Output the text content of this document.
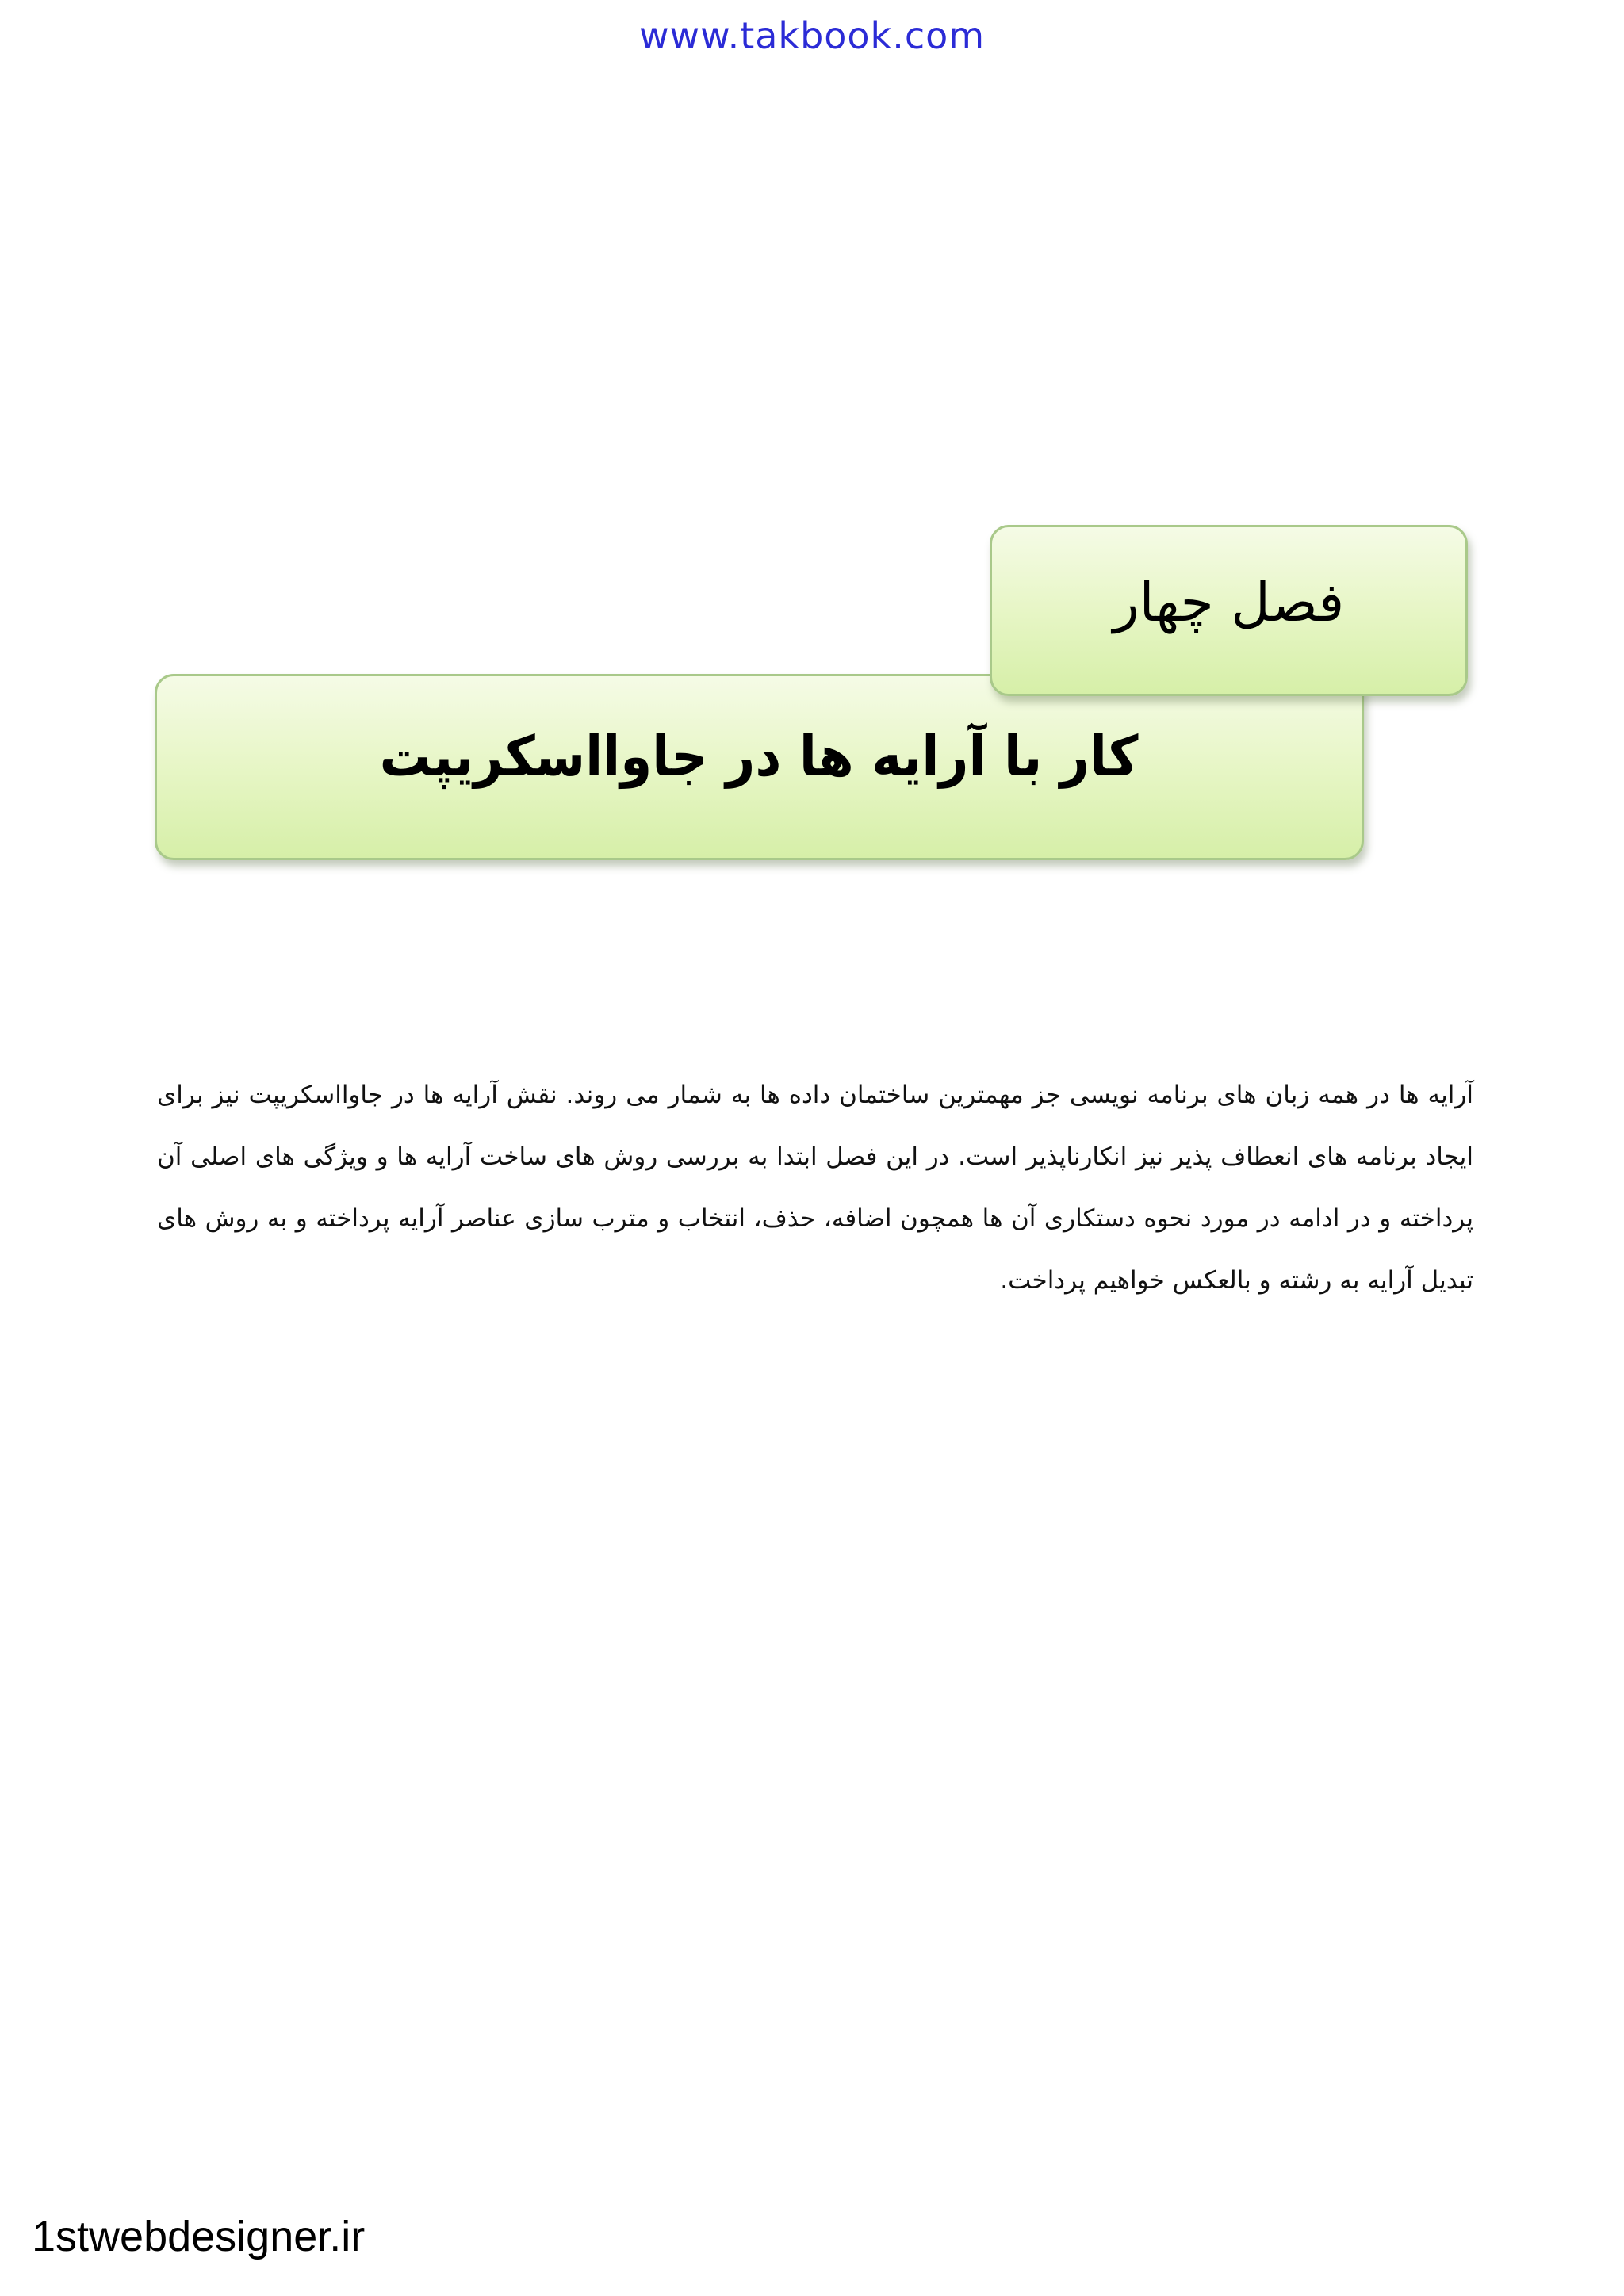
www.takbook.com
کار با آرایه ها در جاوااسکریپت
فصل چهار

آرایه ها در همه زبان های برنامه نویسی جز مهمترین ساختمان داده ها به شمار می روند. نقش آرایه ها در جاوااسکریپت نیز برای ایجاد برنامه های انعطاف پذیر نیز انکارناپذیر است. در این فصل ابتدا به بررسی روش های ساخت آرایه ها و ویژگی های اصلی آن پرداخته و در ادامه در مورد نحوه دستکاری آن ها همچون اضافه، حذف، انتخاب و مترب سازی عناصر آرایه پرداخته و به روش های تبدیل آرایه به رشته و بالعکس خواهیم پرداخت.

1stwebdesigner.ir
